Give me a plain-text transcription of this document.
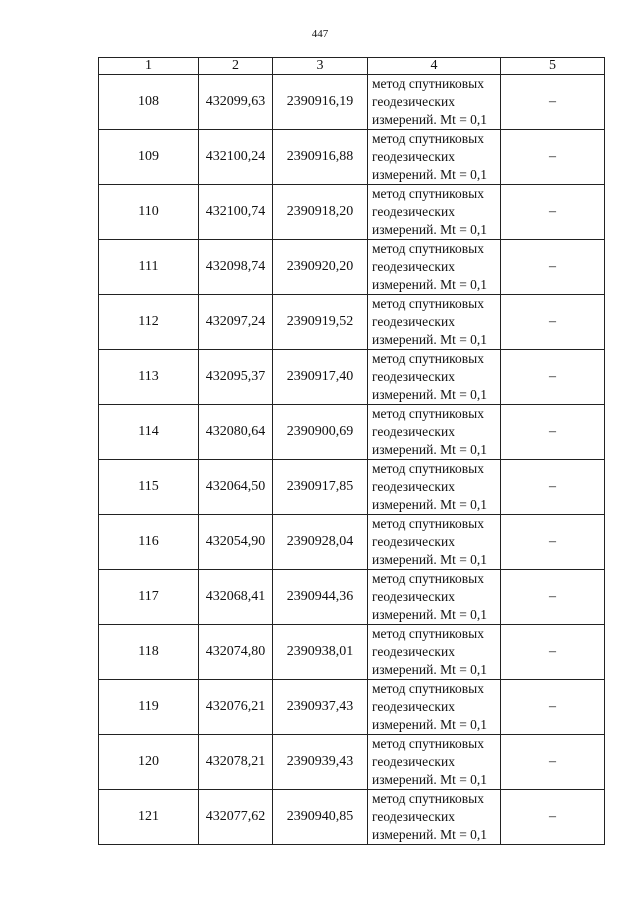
447
1	2	3	4	5
108	432099,63	2390916,19	метод спутниковых геодезических измерений. Mt = 0,1	–
109	432100,24	2390916,88	метод спутниковых геодезических измерений. Mt = 0,1	–
110	432100,74	2390918,20	метод спутниковых геодезических измерений. Mt = 0,1	–
111	432098,74	2390920,20	метод спутниковых геодезических измерений. Mt = 0,1	–
112	432097,24	2390919,52	метод спутниковых геодезических измерений. Mt = 0,1	–
113	432095,37	2390917,40	метод спутниковых геодезических измерений. Mt = 0,1	–
114	432080,64	2390900,69	метод спутниковых геодезических измерений. Mt = 0,1	–
115	432064,50	2390917,85	метод спутниковых геодезических измерений. Mt = 0,1	–
116	432054,90	2390928,04	метод спутниковых геодезических измерений. Mt = 0,1	–
117	432068,41	2390944,36	метод спутниковых геодезических измерений. Mt = 0,1	–
118	432074,80	2390938,01	метод спутниковых геодезических измерений. Mt = 0,1	–
119	432076,21	2390937,43	метод спутниковых геодезических измерений. Mt = 0,1	–
120	432078,21	2390939,43	метод спутниковых геодезических измерений. Mt = 0,1	–
121	432077,62	2390940,85	метод спутниковых геодезических измерений. Mt = 0,1	–
